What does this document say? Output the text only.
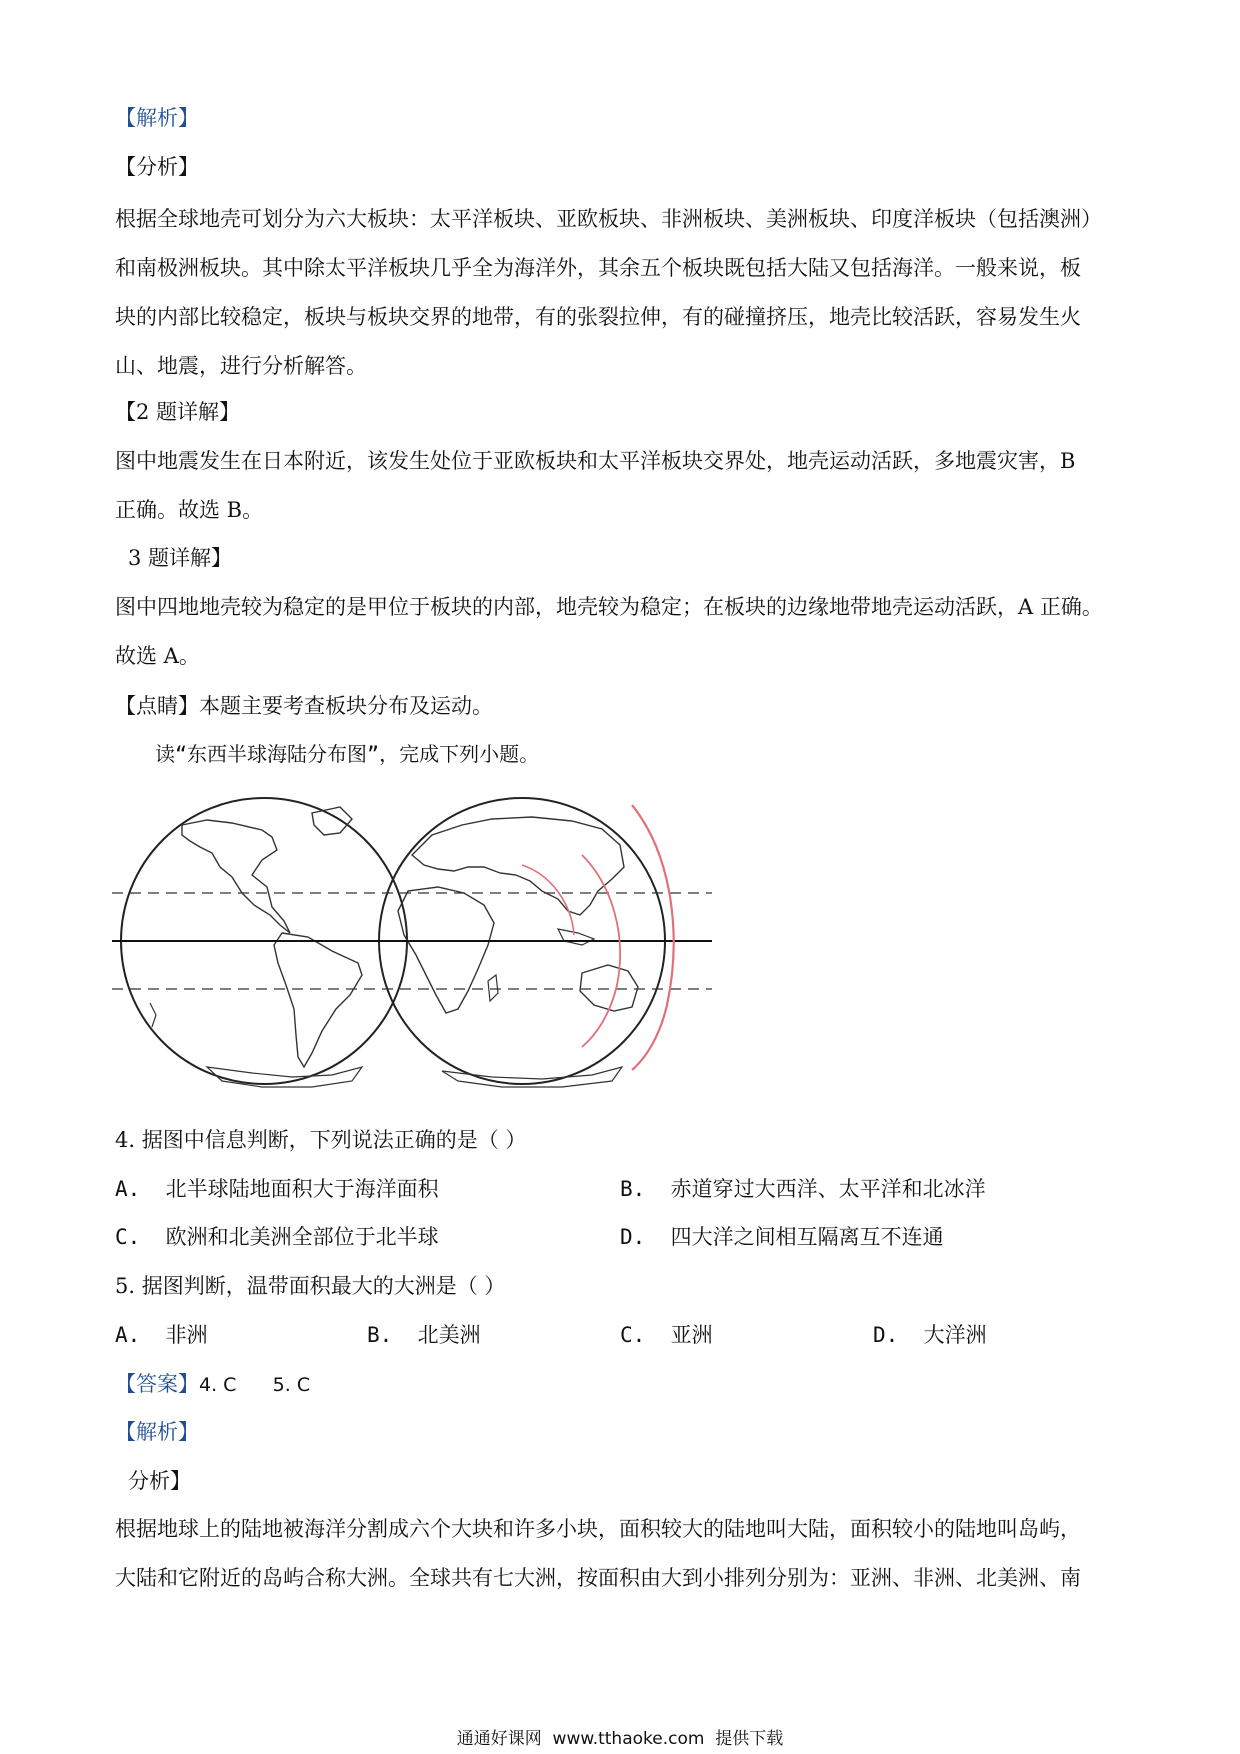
【解析】
【分析】
根据全球地壳可划分为六大板块：太平洋板块、亚欧板块、非洲板块、美洲板块、印度洋板块（包括澳洲）
和南极洲板块。其中除太平洋板块几乎全为海洋外，其余五个板块既包括大陆又包括海洋。一般来说，板
块的内部比较稳定，板块与板块交界的地带，有的张裂拉伸，有的碰撞挤压，地壳比较活跃，容易发生火
山、地震，进行分析解答。
【2 题详解】
图中地震发生在日本附近，该发生处位于亚欧板块和太平洋板块交界处，地壳运动活跃，多地震灾害，B
正确。故选 B。
3 题详解】
图中四地地壳较为稳定的是甲位于板块的内部，地壳较为稳定；在板块的边缘地带地壳运动活跃，A 正确。
故选 A。
【点睛】本题主要考查板块分布及运动。
读“东西半球海陆分布图”，完成下列小题。
4. 据图中信息判断，下列说法正确的是（ ）
A. 北半球陆地面积大于海洋面积	B. 赤道穿过大西洋、太平洋和北冰洋
C. 欧洲和北美洲全部位于北半球	D. 四大洋之间相互隔离互不连通
5. 据图判断，温带面积最大的大洲是（ ）
A. 非洲	B. 北美洲	C. 亚洲	D. 大洋洲
【答案】4. C      5. C
【解析】
分析】
根据地球上的陆地被海洋分割成六个大块和许多小块，面积较大的陆地叫大陆，面积较小的陆地叫岛屿，
大陆和它附近的岛屿合称大洲。全球共有七大洲，按面积由大到小排列分别为：亚洲、非洲、北美洲、南
通通好课网  www.tthaoke.com  提供下载
